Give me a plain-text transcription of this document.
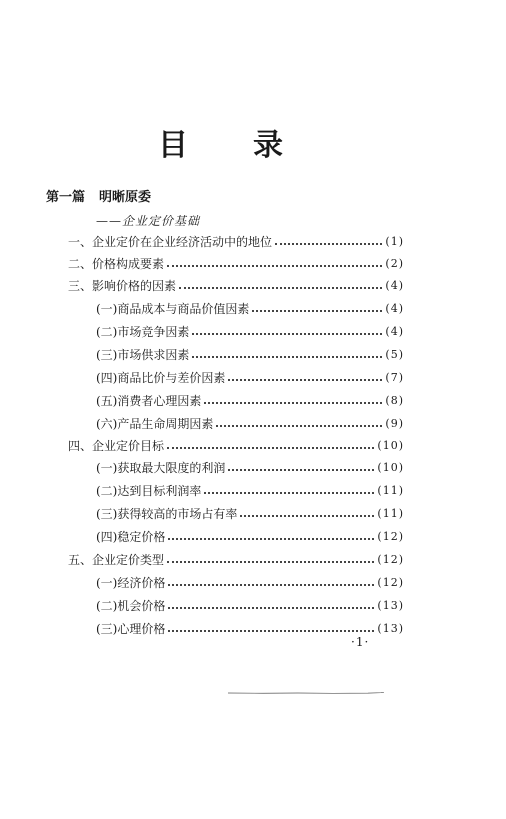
目 录
第一篇 明晰原委
——企业定价基础
一、企业定价在企业经济活动中的地位	(1)
二、价格构成要素	(2)
三、影响价格的因素	(4)
(一)商品成本与商品价值因素	(4)
(二)市场竞争因素	(4)
(三)市场供求因素	(5)
(四)商品比价与差价因素	(7)
(五)消费者心理因素	(8)
(六)产品生命周期因素	(9)
四、企业定价目标	(10)
(一)获取最大限度的利润	(10)
(二)达到目标利润率	(11)
(三)获得较高的市场占有率	(11)
(四)稳定价格	(12)
五、企业定价类型	(12)
(一)经济价格	(12)
(二)机会价格	(13)
(三)心理价格	(13)
·1·
